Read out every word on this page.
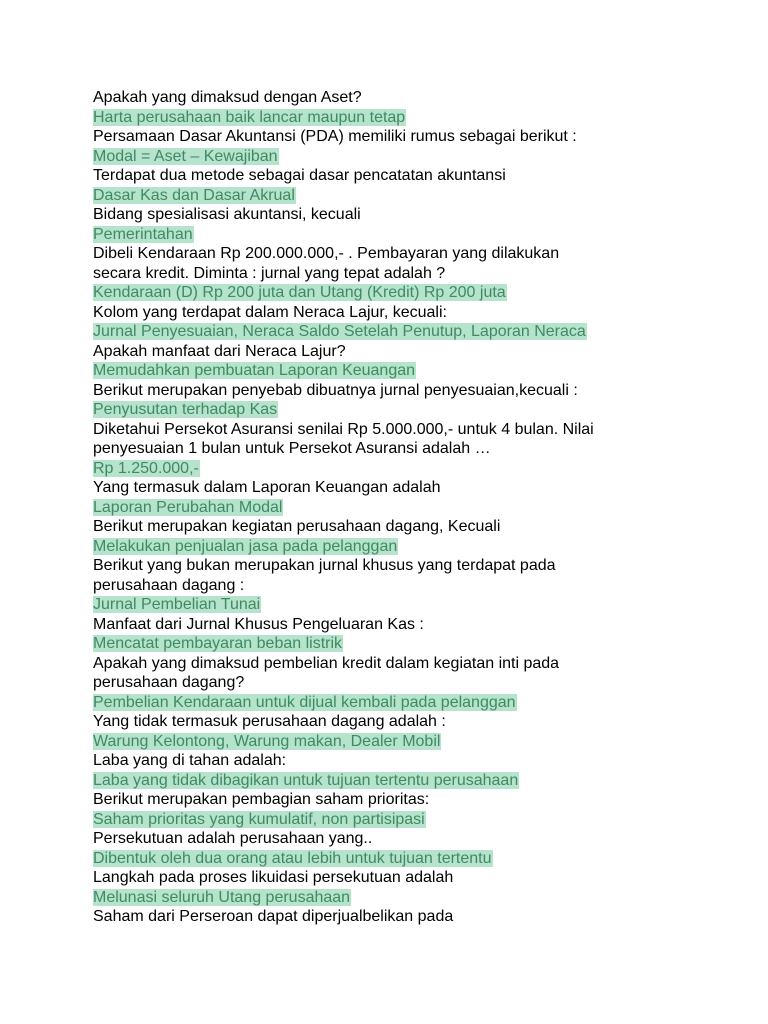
Apakah yang dimaksud dengan Aset?
Harta perusahaan baik lancar maupun tetap
Persamaan Dasar Akuntansi (PDA) memiliki rumus sebagai berikut :
Modal = Aset – Kewajiban
Terdapat dua metode sebagai dasar pencatatan akuntansi
Dasar Kas dan Dasar Akrual
Bidang spesialisasi akuntansi, kecuali
Pemerintahan
Dibeli Kendaraan Rp 200.000.000,- . Pembayaran yang dilakukan
secara kredit. Diminta : jurnal yang tepat adalah ?
Kendaraan (D) Rp 200 juta dan Utang (Kredit) Rp 200 juta
Kolom yang terdapat dalam Neraca Lajur, kecuali:
Jurnal Penyesuaian, Neraca Saldo Setelah Penutup, Laporan Neraca
Apakah manfaat dari Neraca Lajur?
Memudahkan pembuatan Laporan Keuangan
Berikut merupakan penyebab dibuatnya jurnal penyesuaian,kecuali :
Penyusutan terhadap Kas
Diketahui Persekot Asuransi senilai Rp 5.000.000,- untuk 4 bulan. Nilai
penyesuaian 1 bulan untuk Persekot Asuransi adalah …
Rp 1.250.000,-
Yang termasuk dalam Laporan Keuangan adalah
Laporan Perubahan Modal
Berikut merupakan kegiatan perusahaan dagang, Kecuali
Melakukan penjualan jasa pada pelanggan
Berikut yang bukan merupakan jurnal khusus yang terdapat pada
perusahaan dagang :
Jurnal Pembelian Tunai
Manfaat dari Jurnal Khusus Pengeluaran Kas :
Mencatat pembayaran beban listrik
Apakah yang dimaksud pembelian kredit dalam kegiatan inti pada
perusahaan dagang?
Pembelian Kendaraan untuk dijual kembali pada pelanggan
Yang tidak termasuk perusahaan dagang adalah :
Warung Kelontong, Warung makan, Dealer Mobil
Laba yang di tahan adalah:
Laba yang tidak dibagikan untuk tujuan tertentu perusahaan
Berikut merupakan pembagian saham prioritas:
Saham prioritas yang kumulatif, non partisipasi
Persekutuan adalah perusahaan yang..
Dibentuk oleh dua orang atau lebih untuk tujuan tertentu
Langkah pada proses likuidasi persekutuan adalah
Melunasi seluruh Utang perusahaan
Saham dari Perseroan dapat diperjualbelikan pada
